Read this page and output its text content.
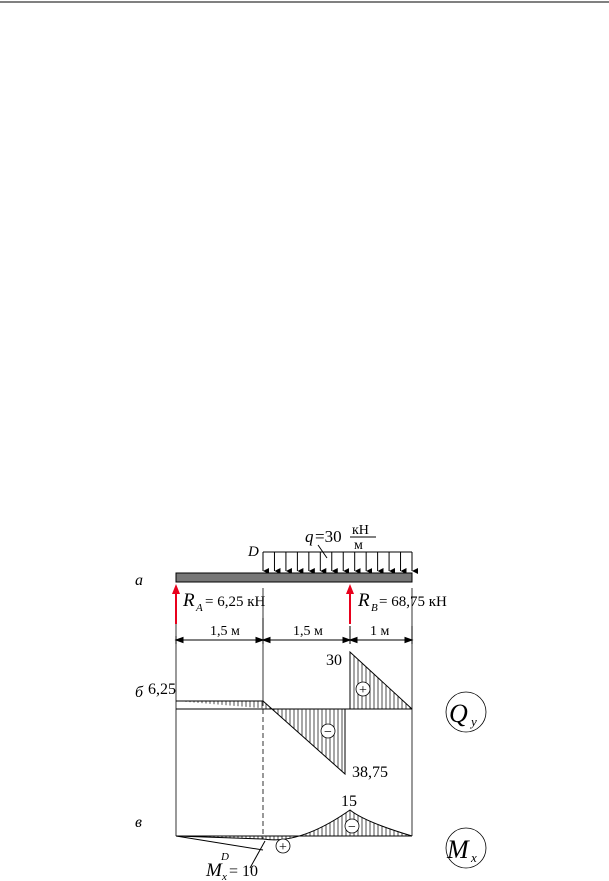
а
б
в
D
q =30 кН
м
R A = 6,25 кН	R B = 68,75 кН
1,5 м	1,5 м	1 м
6,25
30
38,75
−
+
Q y
15
+
−
M x
D
= 10
M x
